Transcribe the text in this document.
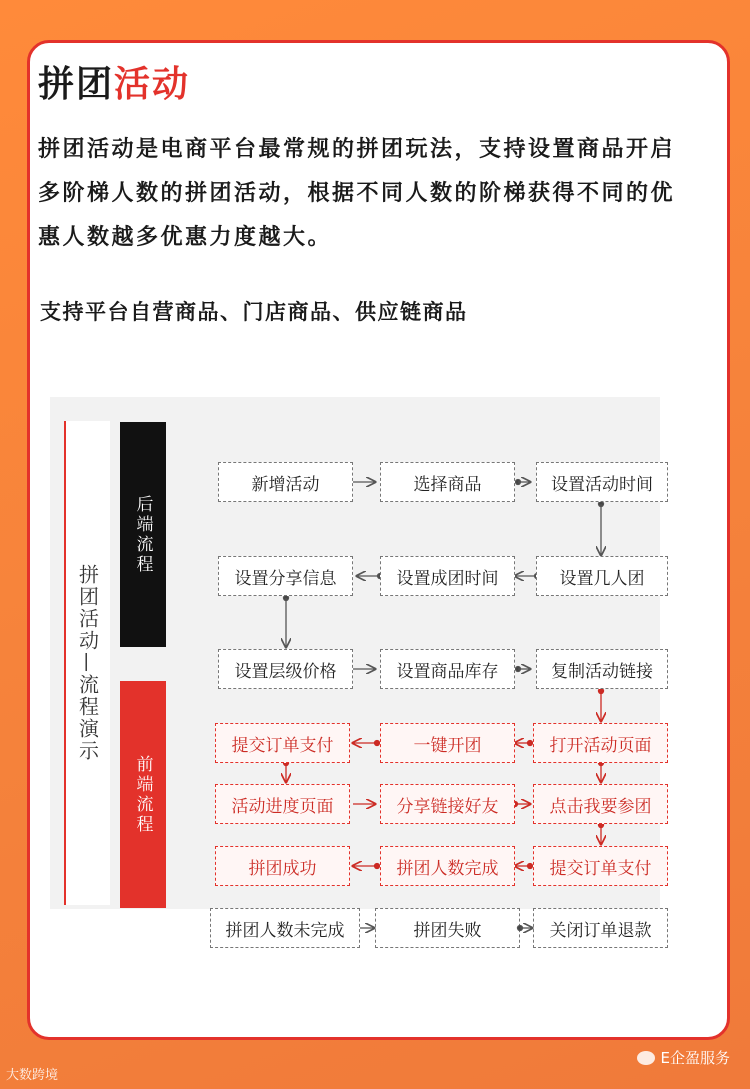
拼团活动
拼团活动是电商平台最常规的拼团玩法，支持设置商品开启多阶梯人数的拼团活动，根据不同人数的阶梯获得不同的优惠人数越多优惠力度越大。
支持平台自营商品、门店商品、供应链商品
拼团活动—流程演示
后端流程
前端流程
新增活动	选择商品	设置活动时间
设置分享信息	设置成团时间	设置几人团
设置层级价格	设置商品库存	复制活动链接
提交订单支付	一键开团	打开活动页面
活动进度页面	分享链接好友	点击我要参团
拼团成功	拼团人数完成	提交订单支付
拼团人数未完成	拼团失败	关闭订单退款
大数跨境
E企盈服务
